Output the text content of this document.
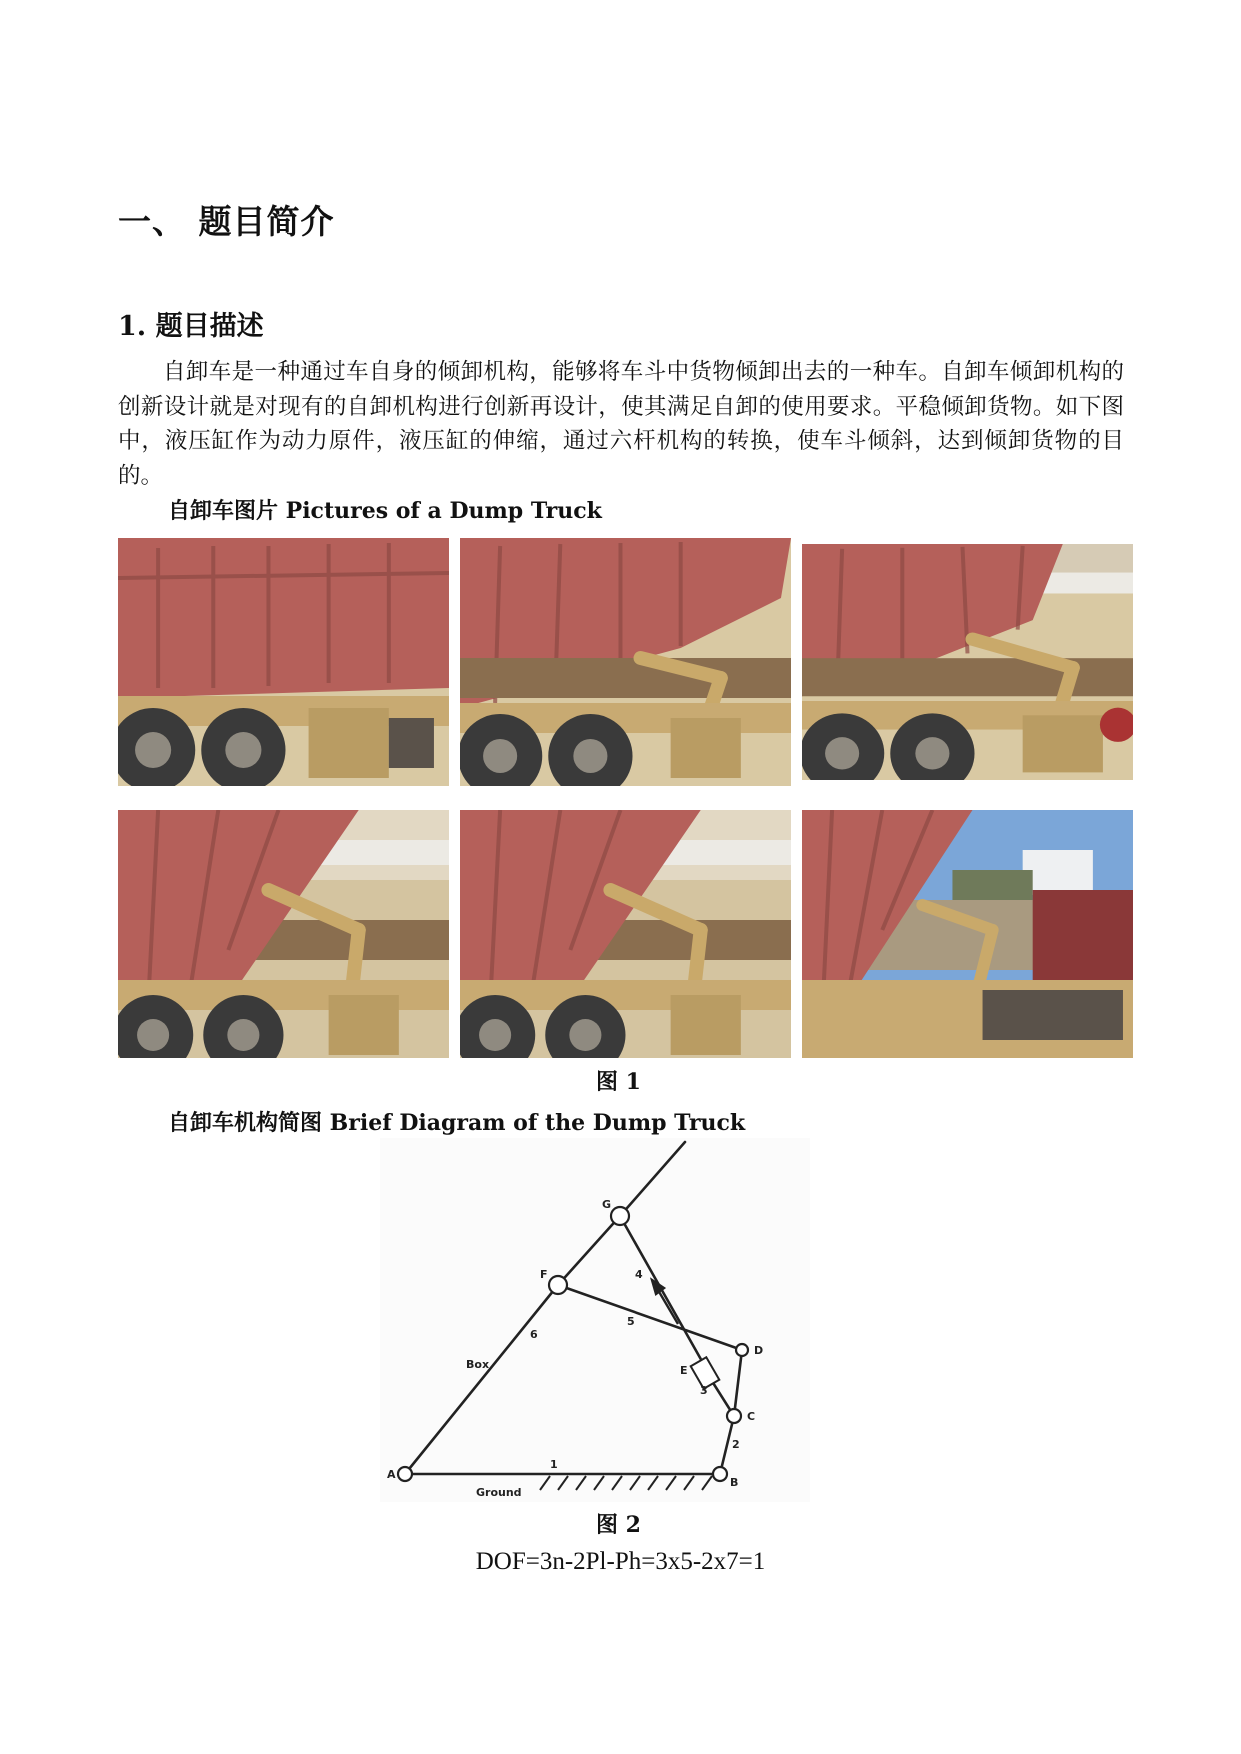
一、 题目简介
1. 题目描述

自卸车是一种通过车自身的倾卸机构，能够将车斗中货物倾卸出去的一种车。自卸车倾卸机构的创新设计就是对现有的自卸机构进行创新再设计，使其满足自卸的使用要求。平稳倾卸货物。如下图中，液压缸作为动力原件，液压缸的伸缩，通过六杆机构的转换，使车斗倾斜，达到倾卸货物的目的。

自卸车图片 Pictures of a Dump Truck
图 1
自卸车机构简图 Brief Diagram of the Dump Truck
A
B
C
D
E
F
G
1
2
3
4
5
6
Box
Ground
图 2
DOF=3n-2Pl-Ph=3x5-2x7=1
